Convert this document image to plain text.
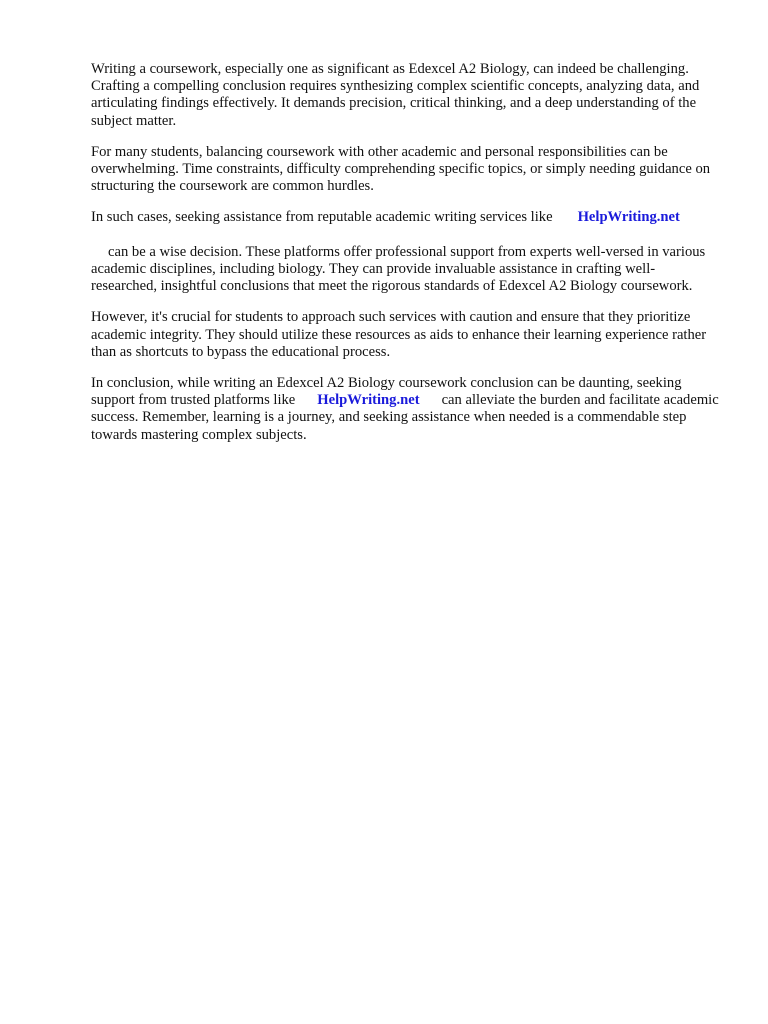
Writing a coursework, especially one as significant as Edexcel A2 Biology, can indeed be challenging. Crafting a compelling conclusion requires synthesizing complex scientific concepts, analyzing data, and articulating findings effectively. It demands precision, critical thinking, and a deep understanding of the subject matter.

For many students, balancing coursework with other academic and personal responsibilities can be overwhelming. Time constraints, difficulty comprehending specific topics, or simply needing guidance on structuring the coursework are common hurdles.

In such cases, seeking assistance from reputable academic writing services like HelpWriting.netcan be a wise decision. These platforms offer professional support from experts well-versed in various academic disciplines, including biology. They can provide invaluable assistance in crafting well-researched, insightful conclusions that meet the rigorous standards of Edexcel A2 Biology coursework.

However, it's crucial for students to approach such services with caution and ensure that they prioritize academic integrity. They should utilize these resources as aids to enhance their learning experience rather than as shortcuts to bypass the educational process.

In conclusion, while writing an Edexcel A2 Biology coursework conclusion can be daunting, seeking support from trusted platforms like HelpWriting.net can alleviate the burden and facilitate academic success. Remember, learning is a journey, and seeking assistance when needed is a commendable step towards mastering complex subjects.
